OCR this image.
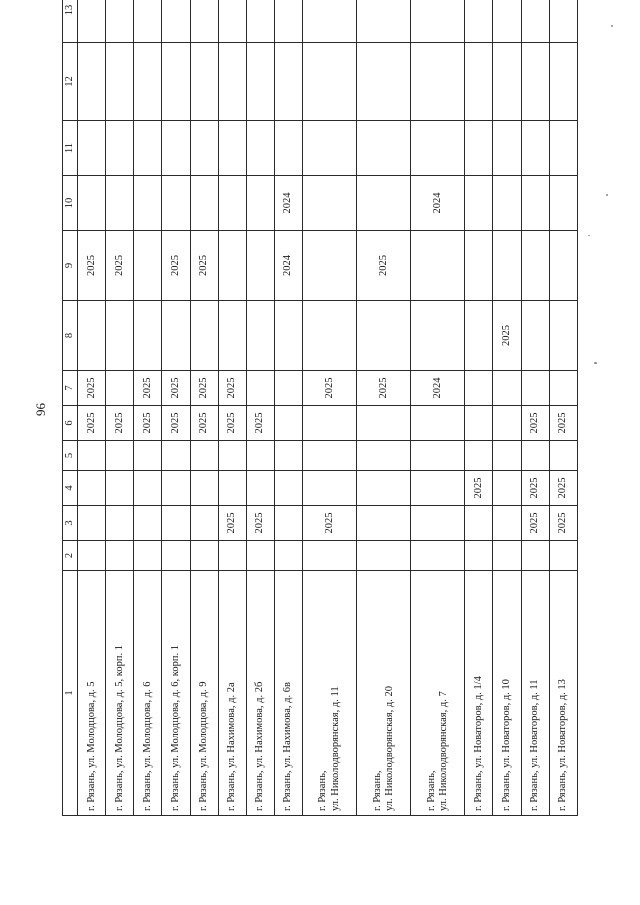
96
1	2	3	4	5	6	7	8	9	10	11	12	13
г. Рязань, ул. Молодцова, д. 5					2025	2025		2025				
г. Рязань, ул. Молодцова, д. 5, корп. 1					2025			2025				
г. Рязань, ул. Молодцова, д. 6					2025	2025						
г. Рязань, ул. Молодцова, д. 6, корп. 1					2025	2025		2025				
г. Рязань, ул. Молодцова, д. 9					2025	2025		2025				
г. Рязань, ул. Нахимова, д. 2а		2025			2025	2025						
г. Рязань, ул. Нахимова, д. 2б		2025			2025							
г. Рязань, ул. Нахимова, д. 6в								2024	2024			
г. Рязань,
ул. Николодворянская, д. 11		2025				2025						
г. Рязань,
ул. Николодворянская, д. 20						2025		2025				
г. Рязань,
ул. Николодворянская, д. 7						2024			2024			
г. Рязань, ул. Новаторов, д. 1/4			2025									
г. Рязань, ул. Новаторов, д. 10							2025					
г. Рязань, ул. Новаторов, д. 11		2025	2025		2025							
г. Рязань, ул. Новаторов, д. 13		2025	2025		2025							
